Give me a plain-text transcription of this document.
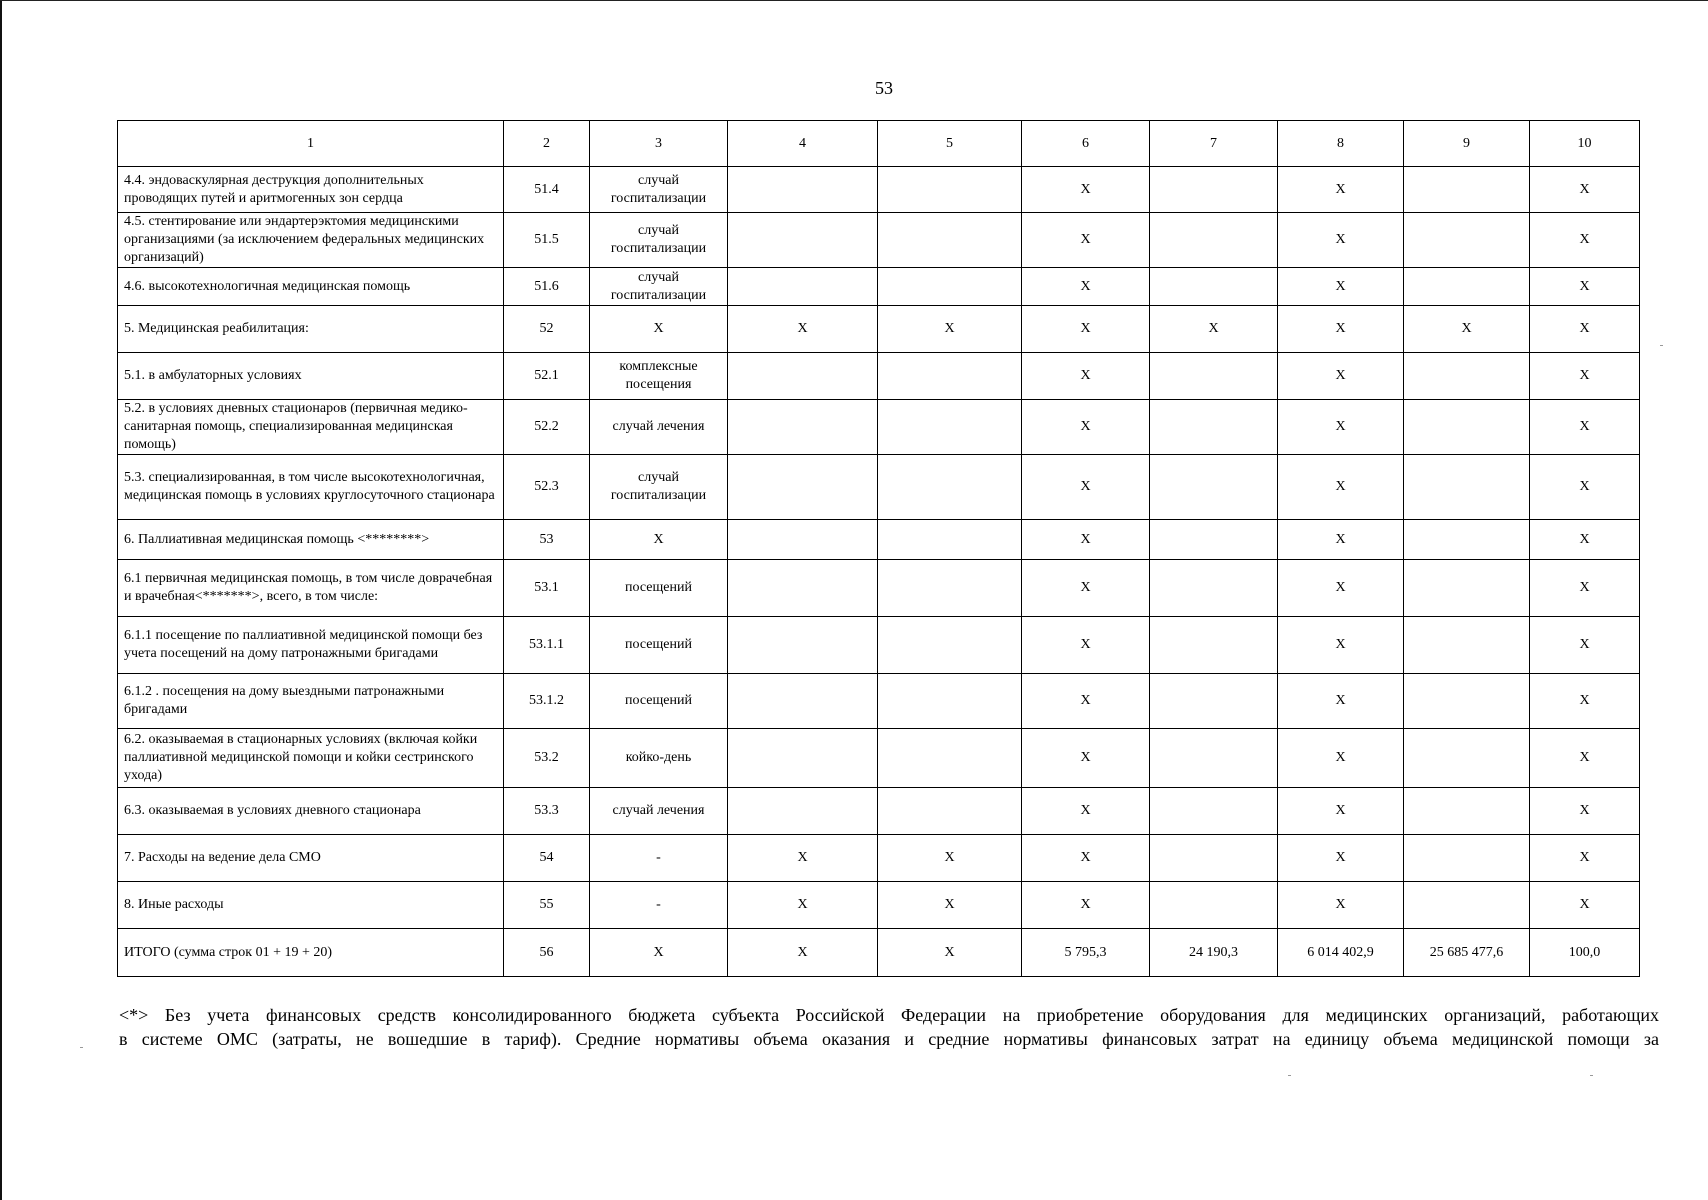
53
1	2	3	4	5	6	7	8	9	10
4.4. эндоваскулярная деструкция дополнительных проводящих путей и аритмогенных зон сердца	51.4	случай госпитализации			X		X		X
4.5. стентирование или эндартерэктомия медицинскими организациями (за исключением федеральных медицинских организаций)	51.5	случай госпитализации			X		X		X
4.6. высокотехнологичная медицинская помощь	51.6	случай госпитализации			X		X		X
5. Медицинская реабилитация:	52	X	X	X	X	X	X	X	X
5.1. в амбулаторных условиях	52.1	комплексные посещения			X		X		X
5.2. в условиях дневных стационаров (первичная медико-санитарная помощь, специализированная медицинская помощь)	52.2	случай лечения			X		X		X
5.3. специализированная, в том числе высокотехнологичная, медицинская помощь в условиях круглосуточного стационара	52.3	случай госпитализации			X		X		X
6. Паллиативная медицинская помощь <********>	53	X			X		X		X
6.1 первичная медицинская помощь, в том числе доврачебная и врачебная<*******>, всего, в том числе:	53.1	посещений			X		X		X
6.1.1 посещение по паллиативной медицинской помощи без учета посещений на дому патронажными бригадами	53.1.1	посещений			X		X		X
6.1.2 . посещения на дому выездными патронажными бригадами	53.1.2	посещений			X		X		X
6.2. оказываемая в стационарных условиях (включая койки паллиативной медицинской помощи и койки сестринского ухода)	53.2	койко-день			X		X		X
6.3. оказываемая в условиях дневного стационара	53.3	случай лечения			X		X		X
7. Расходы на ведение дела СМО	54	-	X	X	X		X		X
8. Иные расходы	55	-	X	X	X		X		X
ИТОГО (сумма строк 01 + 19 + 20)	56	X	X	X	5 795,3	24 190,3	6 014 402,9	25 685 477,6	100,0

<*> Без учета финансовых средств консолидированного бюджета субъекта Российской Федерации на приобретение оборудования для медицинских организаций, работающих

в системе ОМС (затраты, не вошедшие в тариф). Средние нормативы объема оказания и средние нормативы финансовых затрат на единицу объема медицинской помощи за
